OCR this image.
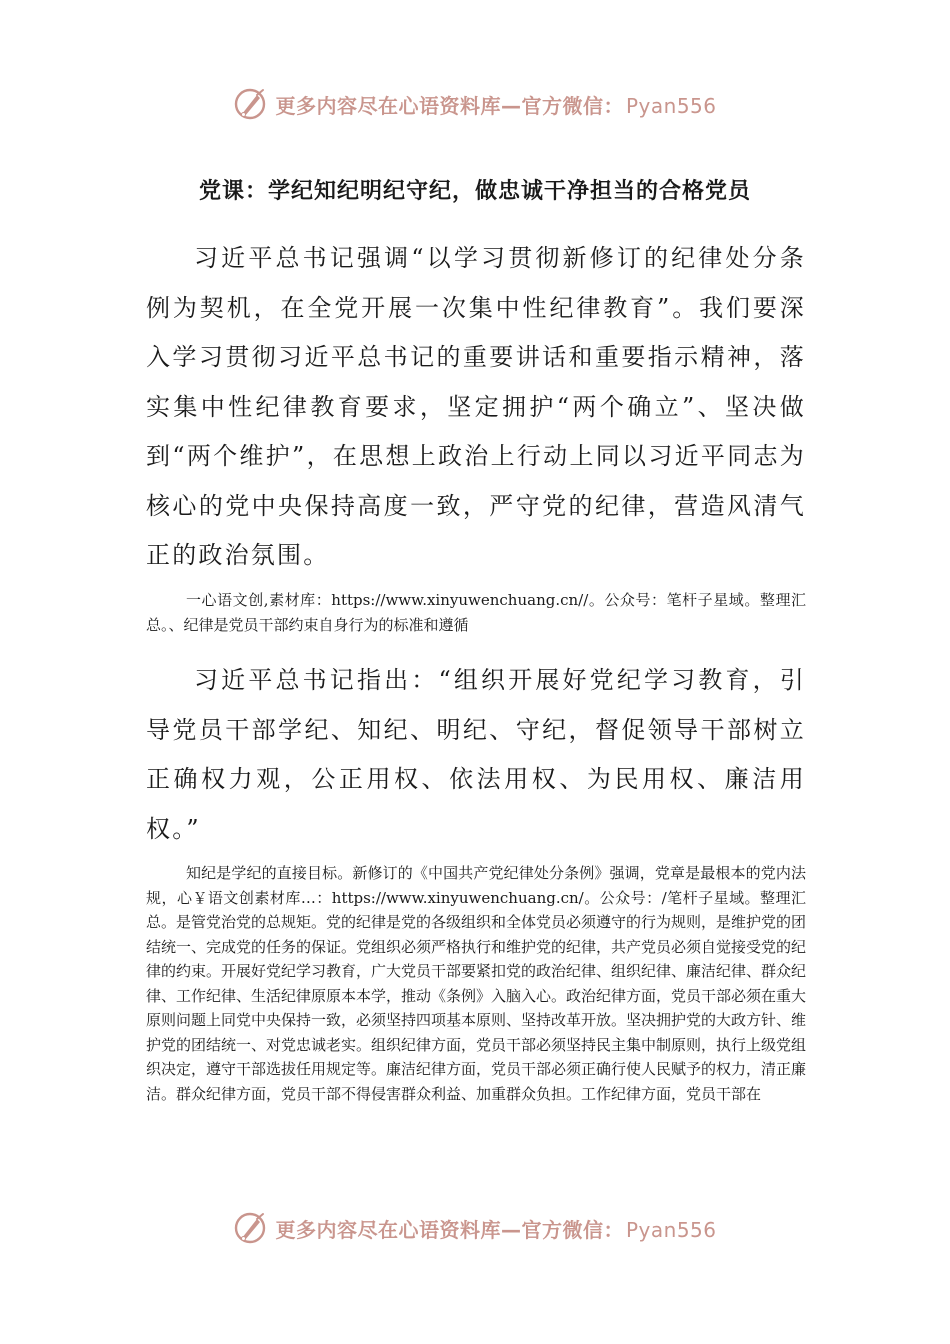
更多内容尽在心语资料库—官方微信： Pyan556
党课：学纪知纪明纪守纪，做忠诚干净担当的合格党员

习近平总书记强调“以学习贯彻新修订的纪律处分条例为契机，在全党开展一次集中性纪律教育”。我们要深入学习贯彻习近平总书记的重要讲话和重要指示精神，落实集中性纪律教育要求，坚定拥护“两个确立”、坚决做到“两个维护”，在思想上政治上行动上同以习近平同志为核心的党中央保持高度一致，严守党的纪律，营造风清气正的政治氛围。

一心语文创,素材库：https://www.xinyuwenchuang.cn//。公众号：笔杆子星域。整理汇总。、纪律是党员干部约束自身行为的标准和遵循

习近平总书记指出：“组织开展好党纪学习教育，引导党员干部学纪、知纪、明纪、守纪，督促领导干部树立正确权力观，公正用权、依法用权、为民用权、廉洁用权。”

知纪是学纪的直接目标。新修订的《中国共产党纪律处分条例》强调，党章是最根本的党内法规，心￥语文创素材库…：https://www.xinyuwenchuang.cn/。公众号：/笔杆子星域。整理汇总。是管党治党的总规矩。党的纪律是党的各级组织和全体党员必须遵守的行为规则，是维护党的团结统一、完成党的任务的保证。党组织必须严格执行和维护党的纪律，共产党员必须自觉接受党的纪律的约束。开展好党纪学习教育，广大党员干部要紧扣党的政治纪律、组织纪律、廉洁纪律、群众纪律、工作纪律、生活纪律原原本本学，推动《条例》入脑入心。政治纪律方面，党员干部必须在重大原则问题上同党中央保持一致，必须坚持四项基本原则、坚持改革开放。坚决拥护党的大政方针、维护党的团结统一、对党忠诚老实。组织纪律方面，党员干部必须坚持民主集中制原则，执行上级党组织决定，遵守干部选拔任用规定等。廉洁纪律方面，党员干部必须正确行使人民赋予的权力，清正廉洁。群众纪律方面，党员干部不得侵害群众利益、加重群众负担。工作纪律方面，党员干部在

更多内容尽在心语资料库—官方微信： Pyan556
